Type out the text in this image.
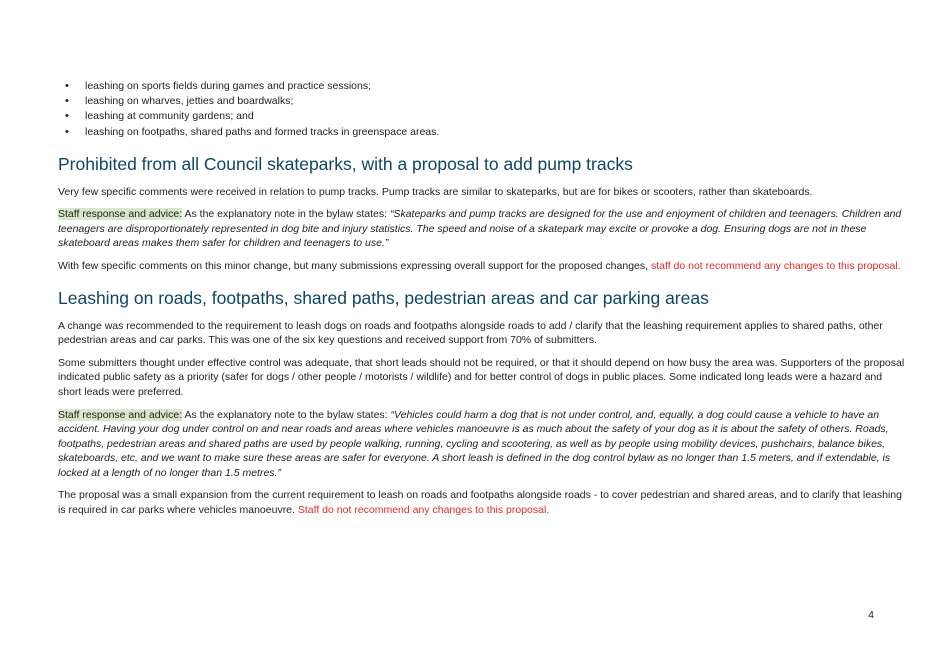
• leashing on sports fields during games and practice sessions;
• leashing on wharves, jetties and boardwalks;
• leashing at community gardens; and
• leashing on footpaths, shared paths and formed tracks in greenspace areas.
Prohibited from all Council skateparks, with a proposal to add pump tracks

Very few specific comments were received in relation to pump tracks. Pump tracks are similar to skateparks, but are for bikes or scooters, rather than skateboards.

Staff response and advice: As the explanatory note in the bylaw states: “Skateparks and pump tracks are designed for the use and enjoyment of children and teenagers. Children and teenagers are disproportionately represented in dog bite and injury statistics. The speed and noise of a skatepark may excite or provoke a dog. Ensuring dogs are not in these skateboard areas makes them safer for children and teenagers to use.”

With few specific comments on this minor change, but many submissions expressing overall support for the proposed changes, staff do not recommend any changes to this proposal.

Leashing on roads, footpaths, shared paths, pedestrian areas and car parking areas

A change was recommended to the requirement to leash dogs on roads and footpaths alongside roads to add / clarify that the leashing requirement applies to shared paths, other pedestrian areas and car parks. This was one of the six key questions and received support from 70% of submitters.

Some submitters thought under effective control was adequate, that short leads should not be required, or that it should depend on how busy the area was. Supporters of the proposal indicated public safety as a priority (safer for dogs / other people / motorists / wildlife) and for better control of dogs in public places. Some indicated long leads were a hazard and short leads were preferred.

Staff response and advice: As the explanatory note to the bylaw states: “Vehicles could harm a dog that is not under control, and, equally, a dog could cause a vehicle to have an accident. Having your dog under control on and near roads and areas where vehicles manoeuvre is as much about the safety of your dog as it is about the safety of others. Roads, footpaths, pedestrian areas and shared paths are used by people walking, running, cycling and scootering, as well as by people using mobility devices, pushchairs, balance bikes, skateboards, etc, and we want to make sure these areas are safer for everyone. A short leash is defined in the dog control bylaw as no longer than 1.5 meters, and if extendable, is locked at a length of no longer than 1.5 metres.”

The proposal was a small expansion from the current requirement to leash on roads and footpaths alongside roads - to cover pedestrian and shared areas, and to clarify that leashing is required in car parks where vehicles manoeuvre. Staff do not recommend any changes to this proposal.

4
